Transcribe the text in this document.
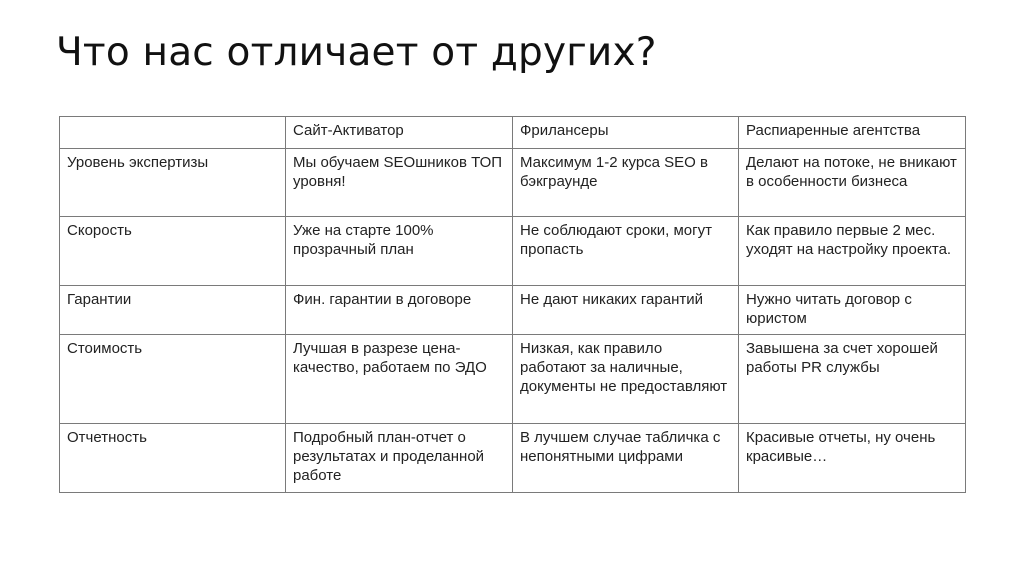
Что нас отличает от других?
	Сайт-Активатор	Фрилансеры	Распиаренные агентства
Уровень экспертизы	Мы обучаем SEOшников ТОП уровня!	Максимум 1-2 курса SEO в бэкграунде	Делают на потоке, не вникают в особенности бизнеса
Скорость	Уже на старте 100% прозрачный план	Не соблюдают сроки, могут пропасть	Как правило первые 2 мес. уходят на настройку проекта.
Гарантии	Фин. гарантии в договоре	Не дают никаких гарантий	Нужно читать договор с юристом
Стоимость	Лучшая в разрезе цена-качество, работаем по ЭДО	Низкая, как правило работают за наличные, документы не предоставляют	Завышена за счет хорошей работы PR службы
Отчетность	Подробный план-отчет о результатах и проделанной работе	В лучшем случае табличка с непонятными цифрами	Красивые отчеты, ну очень красивые…
